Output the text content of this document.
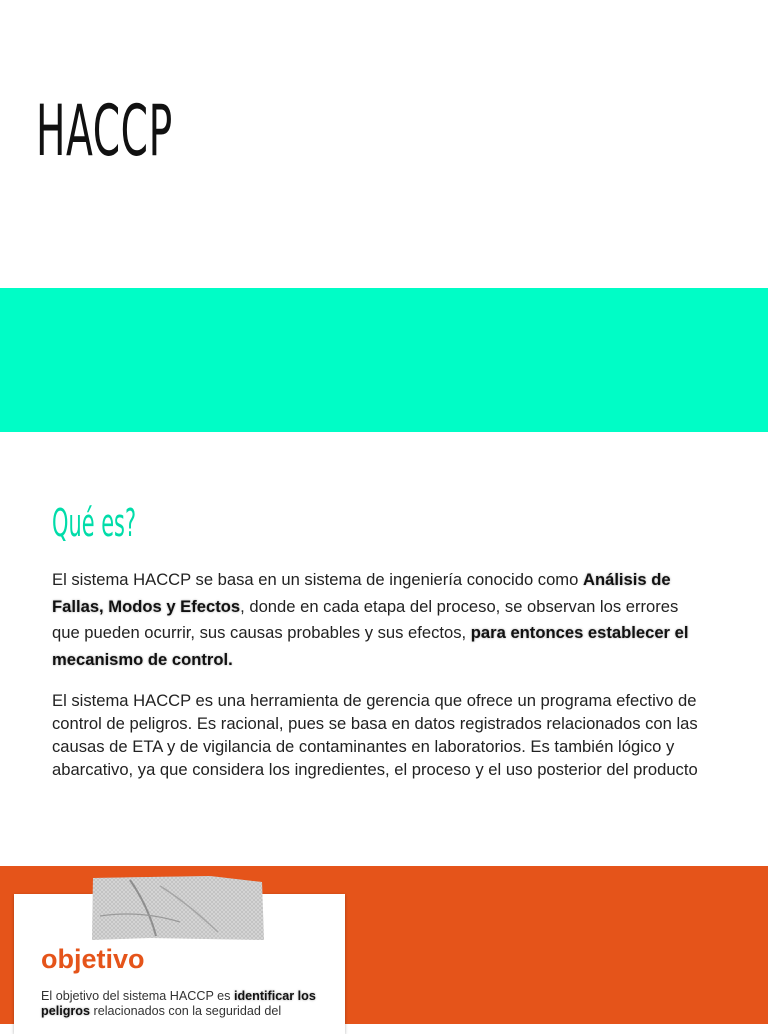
HACCP
Qué es?

El sistema HACCP se basa en un sistema de ingeniería conocido como Análisis de Fallas, Modos y Efectos, donde en cada etapa del proceso, se observan los errores que pueden ocurrir, sus causas probables y sus efectos, para entonces establecer el mecanismo de control.

El sistema HACCP es una herramienta de gerencia que ofrece un programa efectivo de control de peligros. Es racional, pues se basa en datos registrados relacionados con las causas de ETA y de vigilancia de contaminantes en laboratorios. Es también lógico y abarcativo, ya que considera los ingredientes, el proceso y el uso posterior del producto

objetivo

El objetivo del sistema HACCP es identificar los peligros relacionados con la seguridad del
